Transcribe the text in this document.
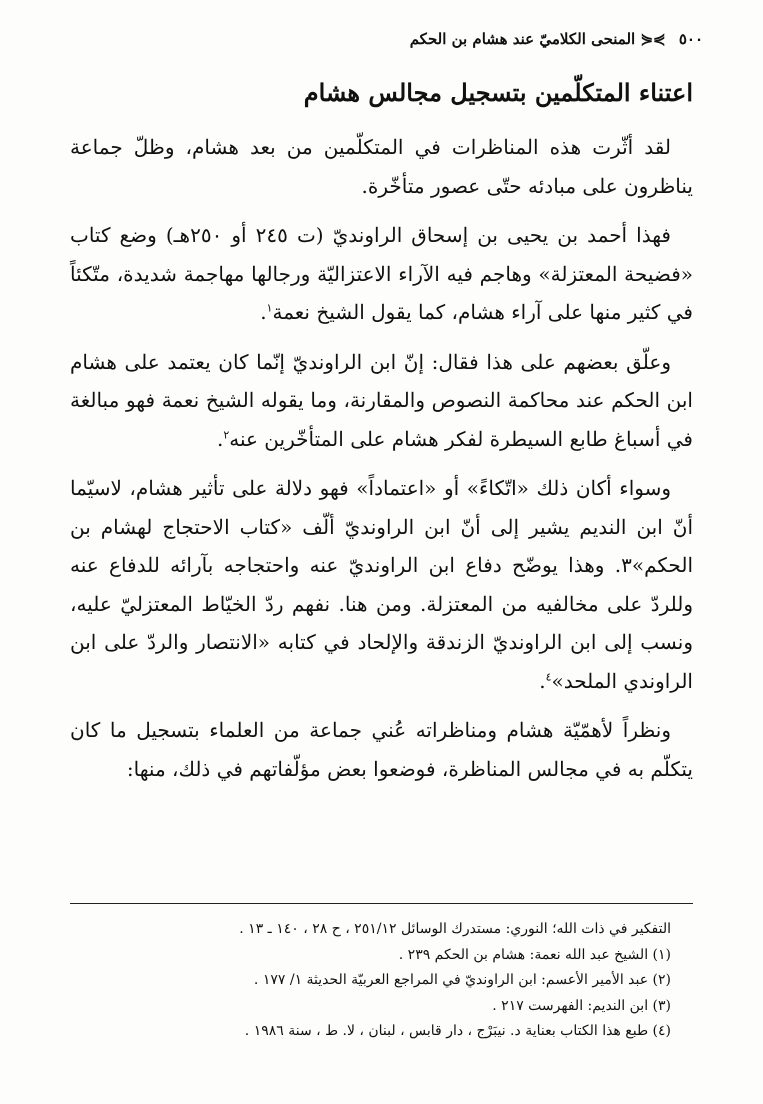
٥٠٠ ⋟⋞ المنحى الكلاميّ عند هشام بن الحكم
اعتناء المتكلّمين بتسجيل مجالس هشام

لقد أثّرت هذه المناظرات في المتكلّمين من بعد هشام، وظلّ جماعة يناظرون على مبادئه حتّى عصور متأخّرة.

فهذا أحمد بن يحيى بن إسحاق الراونديّ (ت ٢٤٥ أو ٢٥٠هـ) وضع كتاب «فضيحة المعتزلة» وهاجم فيه الآراء الاعتزاليّة ورجالها مهاجمة شديدة، متّكئاً في كثير منها على آراء هشام، كما يقول الشيخ نعمة$^١$.

وعلّق بعضهم على هذا فقال: إنّ ابن الراونديّ إنّما كان يعتمد على هشام ابن الحكم عند محاكمة النصوص والمقارنة، وما يقوله الشيخ نعمة فهو مبالغة في أسباغ طابع السيطرة لفكر هشام على المتأخّرين عنه$^٢$.

وسواء أكان ذلك «اتّكاءً» أو «اعتماداً» فهو دلالة على تأثير هشام، لاسيّما أنّ ابن النديم يشير إلى أنّ ابن الراونديّ ألّف «كتاب الاحتجاج لهشام بن الحكم»٣. وهذا يوضّح دفاع ابن الراونديّ عنه واحتجاجه بآرائه للدفاع عنه وللردّ على مخالفيه من المعتزلة. ومن هنا. نفهم ردّ الخيّاط المعتزليّ عليه، ونسب إلى ابن الراونديّ الزندقة والإلحاد في كتابه «الانتصار والردّ على ابن الراوندي الملحد»$^٤$.

ونظراً لأهمّيّة هشام ومناظراته عُني جماعة من العلماء بتسجيل ما كان يتكلّم به في مجالس المناظرة، فوضعوا بعض مؤلّفاتهم في ذلك، منها:

التفكير في ذات الله؛ النوري: مستدرك الوسائل ٢٥١/١٢ ، ح ٢٨ ، ١٤٠ ـ ١٣ .
(١) الشيخ عبد الله نعمة: هشام بن الحكم ٢٣٩ .
(٢) عبد الأمير الأعسم: ابن الراونديّ في المراجع العربيّة الحديثة ١/ ١٧٧ .
(٣) ابن النديم: الفهرست ٢١٧ .
(٤) طبع هذا الكتاب بعناية د. نيبَرْج ، دار قابس ، لبنان ، لا. ط ، سنة ١٩٨٦ .
